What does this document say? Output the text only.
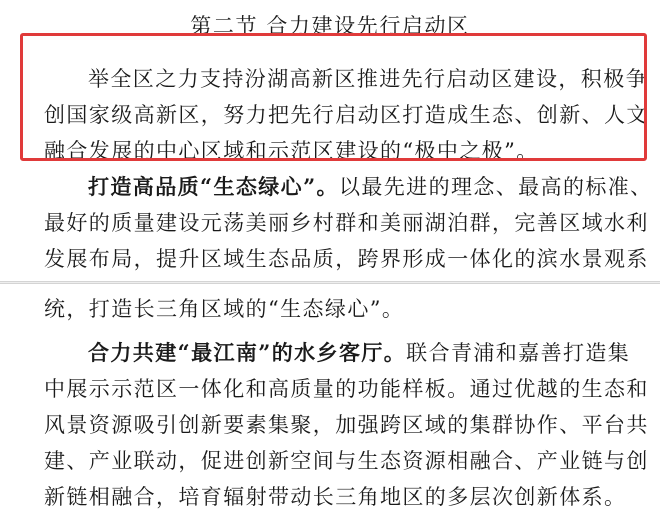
第二节 合力建设先行启动区
举全区之力支持汾湖高新区推进先行启动区建设，积极争
创国家级高新区，努力把先行启动区打造成生态、创新、人文
融合发展的中心区域和示范区建设的“极中之极”。
打造高品质“生态绿心”。以最先进的理念、最高的标准、
最好的质量建设元荡美丽乡村群和美丽湖泊群，完善区域水利
发展布局，提升区域生态品质，跨界形成一体化的滨水景观系
统，打造长三角区域的“生态绿心”。
合力共建“最江南”的水乡客厅。联合青浦和嘉善打造集
中展示示范区一体化和高质量的功能样板。通过优越的生态和
风景资源吸引创新要素集聚，加强跨区域的集群协作、平台共
建、产业联动，促进创新空间与生态资源相融合、产业链与创
新链相融合，培育辐射带动长三角地区的多层次创新体系。
